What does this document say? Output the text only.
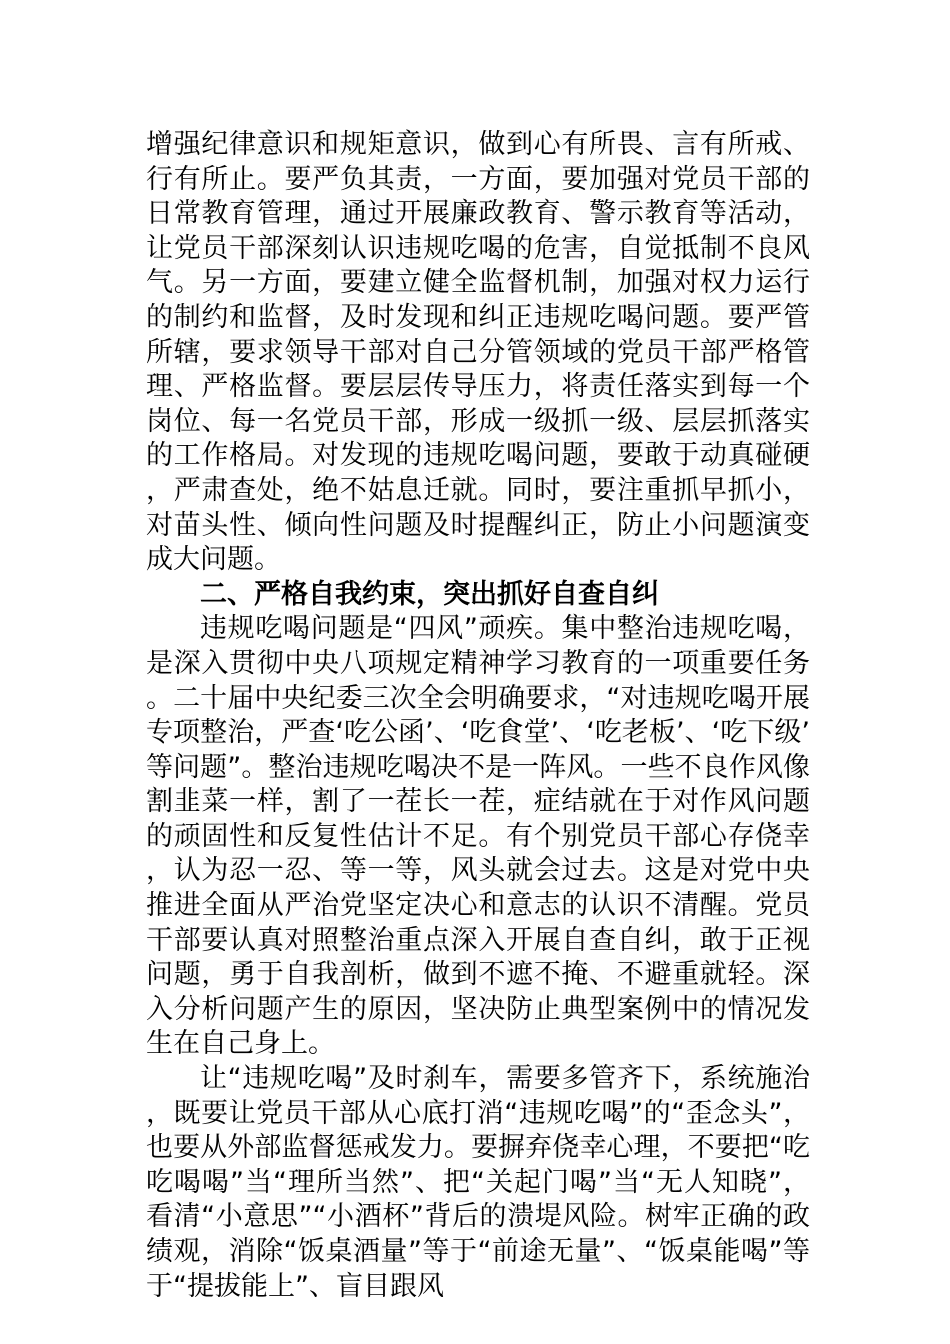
增强纪律意识和规矩意识，做到心有所畏、言有所戒、行有所止。要严负其责，一方面，要加强对党员干部的日常教育管理，通过开展廉政教育、警示教育等活动，让党员干部深刻认识违规吃喝的危害，自觉抵制不良风气。另一方面，要建立健全监督机制，加强对权力运行的制约和监督，及时发现和纠正违规吃喝问题。要严管所辖，要求领导干部对自己分管领域的党员干部严格管理、严格监督。要层层传导压力，将责任落实到每一个岗位、每一名党员干部，形成一级抓一级、层层抓落实的工作格局。对发现的违规吃喝问题，要敢于动真碰硬，严肃查处，绝不姑息迁就。同时，要注重抓早抓小，对苗头性、倾向性问题及时提醒纠正，防止小问题演变成大问题。

二、严格自我约束，突出抓好自查自纠

违规吃喝问题是“四风”顽疾。集中整治违规吃喝，是深入贯彻中央八项规定精神学习教育的一项重要任务。二十届中央纪委三次全会明确要求，“对违规吃喝开展专项整治，严查‘吃公函’、‘吃食堂’、‘吃老板’、‘吃下级’等问题”。整治违规吃喝决不是一阵风。一些不良作风像割韭菜一样，割了一茬长一茬，症结就在于对作风问题的顽固性和反复性估计不足。有个别党员干部心存侥幸，认为忍一忍、等一等，风头就会过去。这是对党中央推进全面从严治党坚定决心和意志的认识不清醒。党员干部要认真对照整治重点深入开展自查自纠，敢于正视问题，勇于自我剖析，做到不遮不掩、不避重就轻。深入分析问题产生的原因，坚决防止典型案例中的情况发生在自己身上。

让“违规吃喝”及时刹车，需要多管齐下，系统施治，既要让党员干部从心底打消“违规吃喝”的“歪念头”，也要从外部监督惩戒发力。要摒弃侥幸心理，不要把“吃吃喝喝”当“理所当然”、把“关起门喝”当“无人知晓”，看清“小意思”“小酒杯”背后的溃堤风险。树牢正确的政绩观，消除“饭桌酒量”等于“前途无量”、“饭桌能喝”等于“提拔能上”、盲目跟风
